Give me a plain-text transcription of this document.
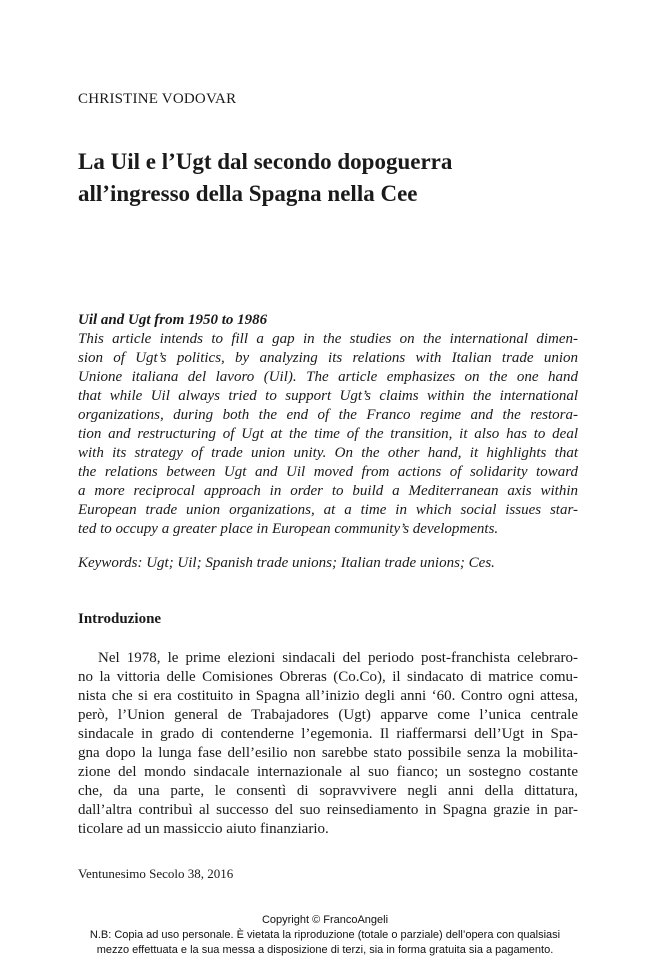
CHRISTINE VODOVAR
La Uil e l’Ugt dal secondo dopoguerra
all’ingresso della Spagna nella Cee
Uil and Ugt from 1950 to 1986
This article intends to fill a gap in the studies on the international dimen-
sion of Ugt’s politics, by analyzing its relations with Italian trade union
Unione italiana del lavoro (Uil). The article emphasizes on the one hand
that while Uil always tried to support Ugt’s claims within the international
organizations, during both the end of the Franco regime and the restora-
tion and restructuring of Ugt at the time of the transition, it also has to deal
with its strategy of trade union unity. On the other hand, it highlights that
the relations between Ugt and Uil moved from actions of solidarity toward
a more reciprocal approach in order to build a Mediterranean axis within
European trade union organizations, at a time in which social issues star-
ted to occupy a greater place in European community’s developments.
Keywords: Ugt; Uil; Spanish trade unions; Italian trade unions; Ces.
Introduzione
Nel 1978, le prime elezioni sindacali del periodo post-franchista celebraro-
no la vittoria delle Comisiones Obreras (Co.Co), il sindacato di matrice comu-
nista che si era costituito in Spagna all’inizio degli anni ‘60. Contro ogni attesa,
però, l’Union general de Trabajadores (Ugt) apparve come l’unica centrale
sindacale in grado di contenderne l’egemonia. Il riaffermarsi dell’Ugt in Spa-
gna dopo la lunga fase dell’esilio non sarebbe stato possibile senza la mobilita-
zione del mondo sindacale internazionale al suo fianco; un sostegno costante
che, da una parte, le consentì di sopravvivere negli anni della dittatura,
dall’altra contribuì al successo del suo reinsediamento in Spagna grazie in par-
ticolare ad un massiccio aiuto finanziario.
Ventunesimo Secolo 38, 2016
Copyright © FrancoAngeli
N.B: Copia ad uso personale. È vietata la riproduzione (totale o parziale) dell’opera con qualsiasi
mezzo effettuata e la sua messa a disposizione di terzi, sia in forma gratuita sia a pagamento.
